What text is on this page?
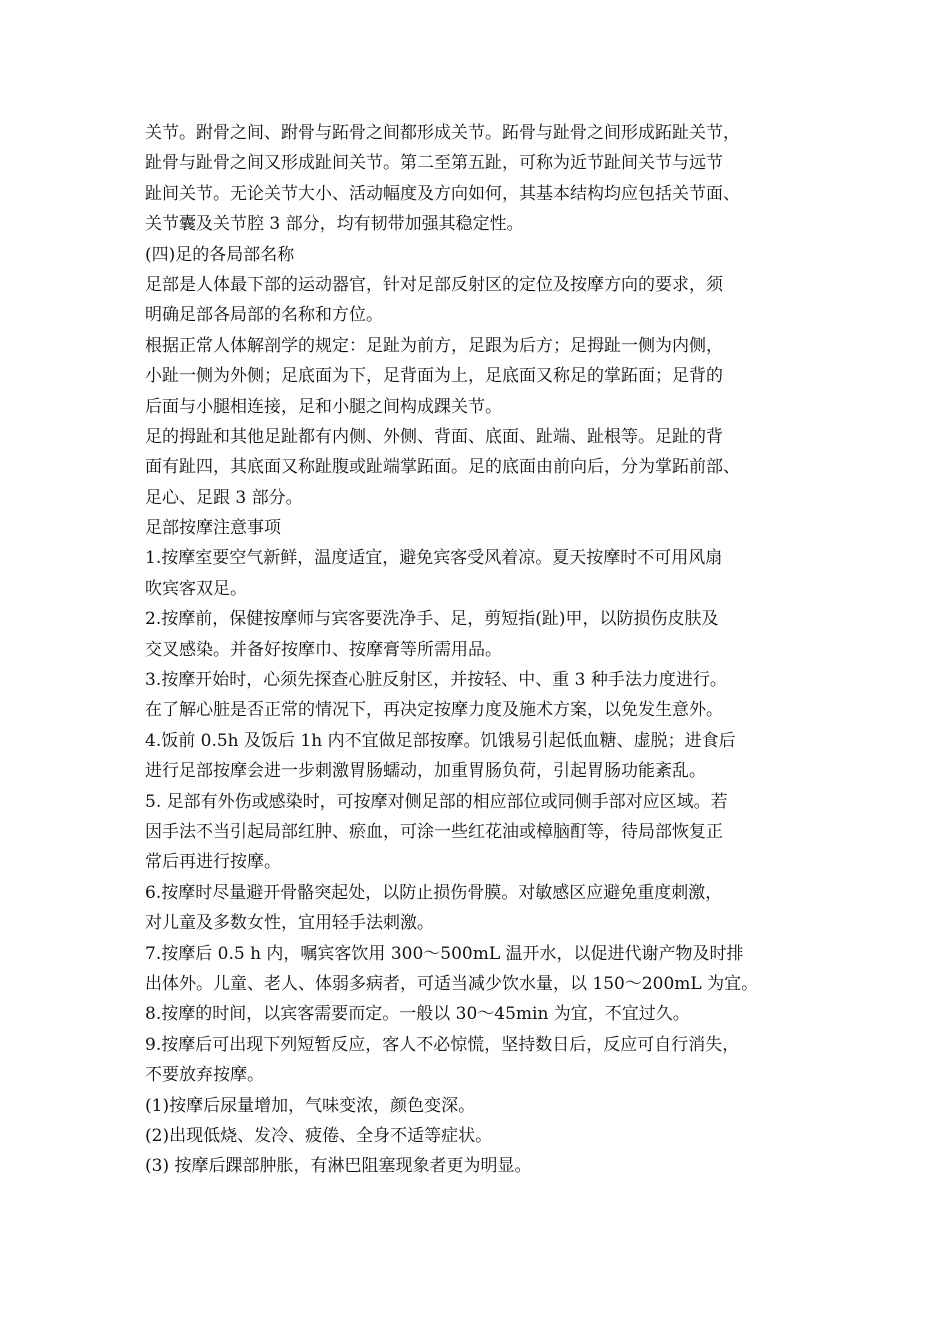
关节。跗骨之间、跗骨与跖骨之间都形成关节。跖骨与趾骨之间形成跖趾关节，
趾骨与趾骨之间又形成趾间关节。第二至第五趾，可称为近节趾间关节与远节
趾间关节。无论关节大小、活动幅度及方向如何，其基本结构均应包括关节面、
关节囊及关节腔 3 部分，均有韧带加强其稳定性。
(四)足的各局部名称
足部是人体最下部的运动器官，针对足部反射区的定位及按摩方向的要求，须
明确足部各局部的名称和方位。
根据正常人体解剖学的规定：足趾为前方，足跟为后方；足拇趾一侧为内侧，
小趾一侧为外侧；足底面为下，足背面为上，足底面又称足的掌跖面；足背的
后面与小腿相连接，足和小腿之间构成踝关节。
足的拇趾和其他足趾都有内侧、外侧、背面、底面、趾端、趾根等。足趾的背
面有趾四，其底面又称趾腹或趾端掌跖面。足的底面由前向后，分为掌跖前部、
足心、足跟 3 部分。
足部按摩注意事项
1.按摩室要空气新鲜，温度适宜，避免宾客受风着凉。夏天按摩时不可用风扇
吹宾客双足。
2.按摩前，保健按摩师与宾客要洗净手、足，剪短指(趾)甲，以防损伤皮肤及
交叉感染。并备好按摩巾、按摩膏等所需用品。
3.按摩开始时，心须先探查心脏反射区，并按轻、中、重 3 种手法力度进行。
在了解心脏是否正常的情况下，再决定按摩力度及施术方案，以免发生意外。
4.饭前 0.5h 及饭后 1h 内不宜做足部按摩。饥饿易引起低血糖、虚脱；进食后
进行足部按摩会进一步刺激胃肠蠕动，加重胃肠负荷，引起胃肠功能紊乱。
5. 足部有外伤或感染时，可按摩对侧足部的相应部位或同侧手部对应区域。若
因手法不当引起局部红肿、瘀血，可涂一些红花油或樟脑酊等，待局部恢复正
常后再进行按摩。
6.按摩时尽量避开骨骼突起处，以防止损伤骨膜。对敏感区应避免重度刺激，
对儿童及多数女性，宜用轻手法刺激。
7.按摩后 0.5 h 内，嘱宾客饮用 300～500mL 温开水，以促进代谢产物及时排
出体外。儿童、老人、体弱多病者，可适当减少饮水量，以 150～200mL 为宜。
8.按摩的时间，以宾客需要而定。一般以 30～45min 为宜，不宜过久。
9.按摩后可出现下列短暂反应，客人不必惊慌，坚持数日后，反应可自行消失，
不要放弃按摩。
(1)按摩后尿量增加，气味变浓，颜色变深。
(2)出现低烧、发冷、疲倦、全身不适等症状。
(3) 按摩后踝部肿胀，有淋巴阻塞现象者更为明显。
